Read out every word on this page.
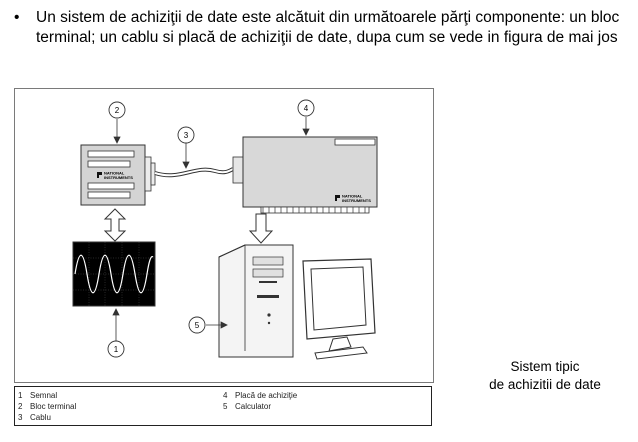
• Un sistem de achiziţii de date este alcătuit din următoarele părţi componente: un bloc terminal; un cablu si placă de achiziţii de date, dupa cum se vede in figura de mai jos
NATIONAL
INSTRUMENTS
NATIONAL
INSTRUMENTS
2
3
4
1
5
1 Semnal
2 Bloc terminal
3 Cablu
4 Placă de achiziţie
5 Calculator
Sistem tipic
de achizitii de date
